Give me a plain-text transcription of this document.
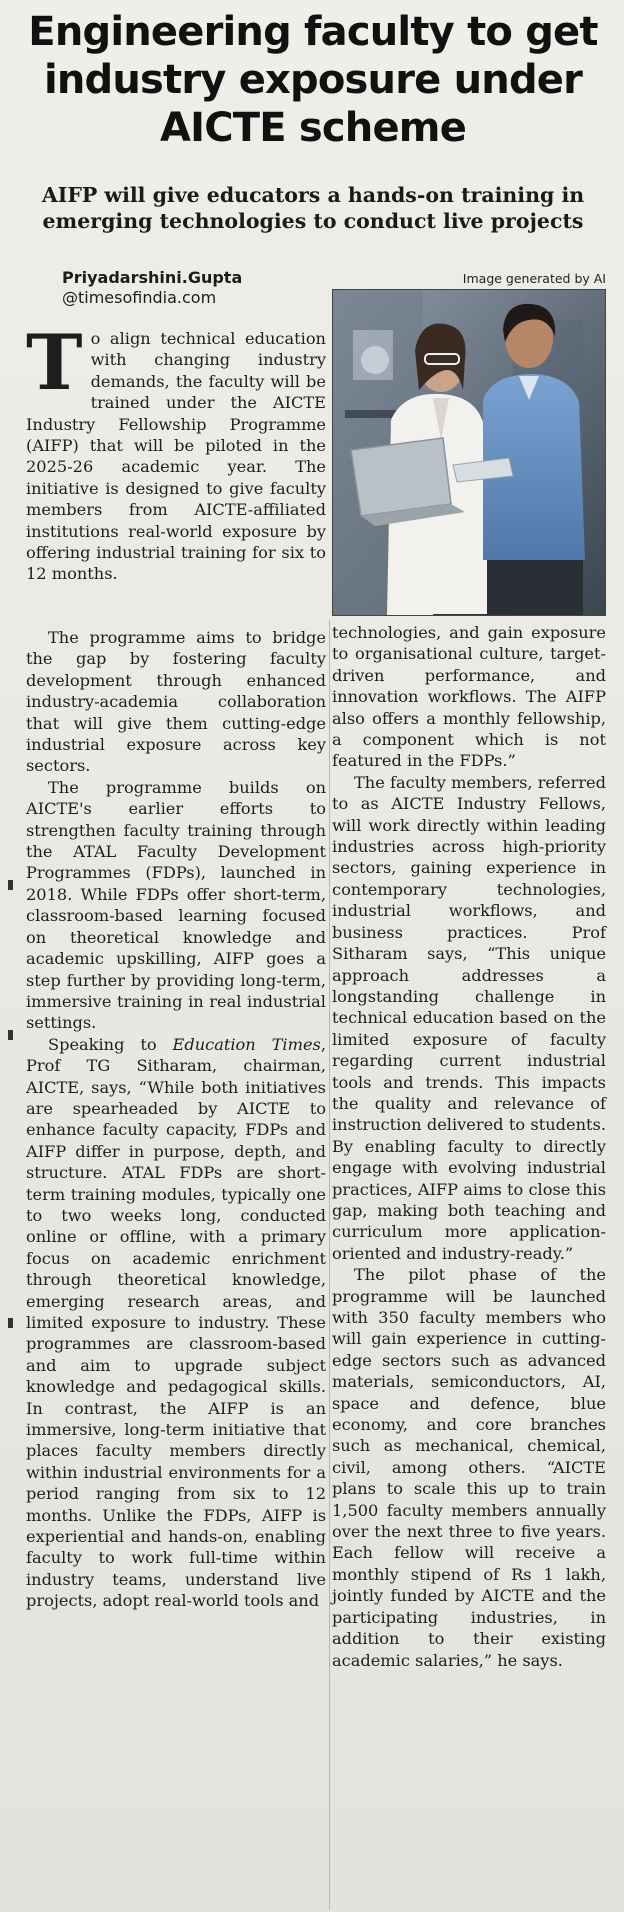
Engineering faculty to get industry exposure under AICTE scheme
AIFP will give educators a hands-on training in emerging technologies to conduct live projects
Priyadarshini.Gupta
@timesofindia.com
Image generated by AI
T o align technical education with changing industry demands, the faculty will be trained under the AICTE Industry Fellowship Programme (AIFP) that will be piloted in the 2025-26 academic year. The initiative is designed to give faculty members from AICTE-affiliated institutions real-world exposure by offering industrial training for six to 12 months.

The programme aims to bridge the gap by fostering faculty development through enhanced industry-academia collaboration that will give them cutting-edge industrial exposure across key sectors.

The programme builds on AICTE's earlier efforts to strengthen faculty training through the ATAL Faculty Development Programmes (FDPs), launched in 2018. While FDPs offer short-term, classroom-based learning focused on theoretical knowledge and academic upskilling, AIFP goes a step further by providing long-term, immersive training in real industrial settings.

Speaking to Education Times, Prof TG Sitharam, chairman, AICTE, says, “While both initiatives are spearheaded by AICTE to enhance faculty capacity, FDPs and AIFP differ in purpose, depth, and structure. ATAL FDPs are short-term training modules, typically one to two weeks long, conducted online or offline, with a primary focus on academic enrichment through theoretical knowledge, emerging research areas, and limited exposure to industry. These programmes are classroom-based and aim to upgrade subject knowledge and pedagogical skills. In contrast, the AIFP is an immersive, long-term initiative that places faculty members directly within industrial environments for a period ranging from six to 12 months. Unlike the FDPs, AIFP is experiential and hands-on, enabling faculty to work full-time within industry teams, understand live projects, adopt real-world tools and

technologies, and gain exposure to organisational culture, target-driven performance, and innovation workflows. The AIFP also offers a monthly fellowship, a component which is not featured in the FDPs.”

The faculty members, referred to as AICTE Industry Fellows, will work directly within leading industries across high-priority sectors, gaining experience in contemporary technologies, industrial workflows, and business practices. Prof Sitharam says, “This unique approach addresses a longstanding challenge in technical education based on the limited exposure of faculty regarding current industrial tools and trends. This impacts the quality and relevance of instruction delivered to students. By enabling faculty to directly engage with evolving industrial practices, AIFP aims to close this gap, making both teaching and curriculum more application-oriented and industry-ready.”

The pilot phase of the programme will be launched with 350 faculty members who will gain experience in cutting-edge sectors such as advanced materials, semiconductors, AI, space and defence, blue economy, and core branches such as mechanical, chemical, civil, among others. “AICTE plans to scale this up to train 1,500 faculty members annually over the next three to five years. Each fellow will receive a monthly stipend of Rs 1 lakh, jointly funded by AICTE and the participating industries, in addition to their existing academic salaries,” he says.
